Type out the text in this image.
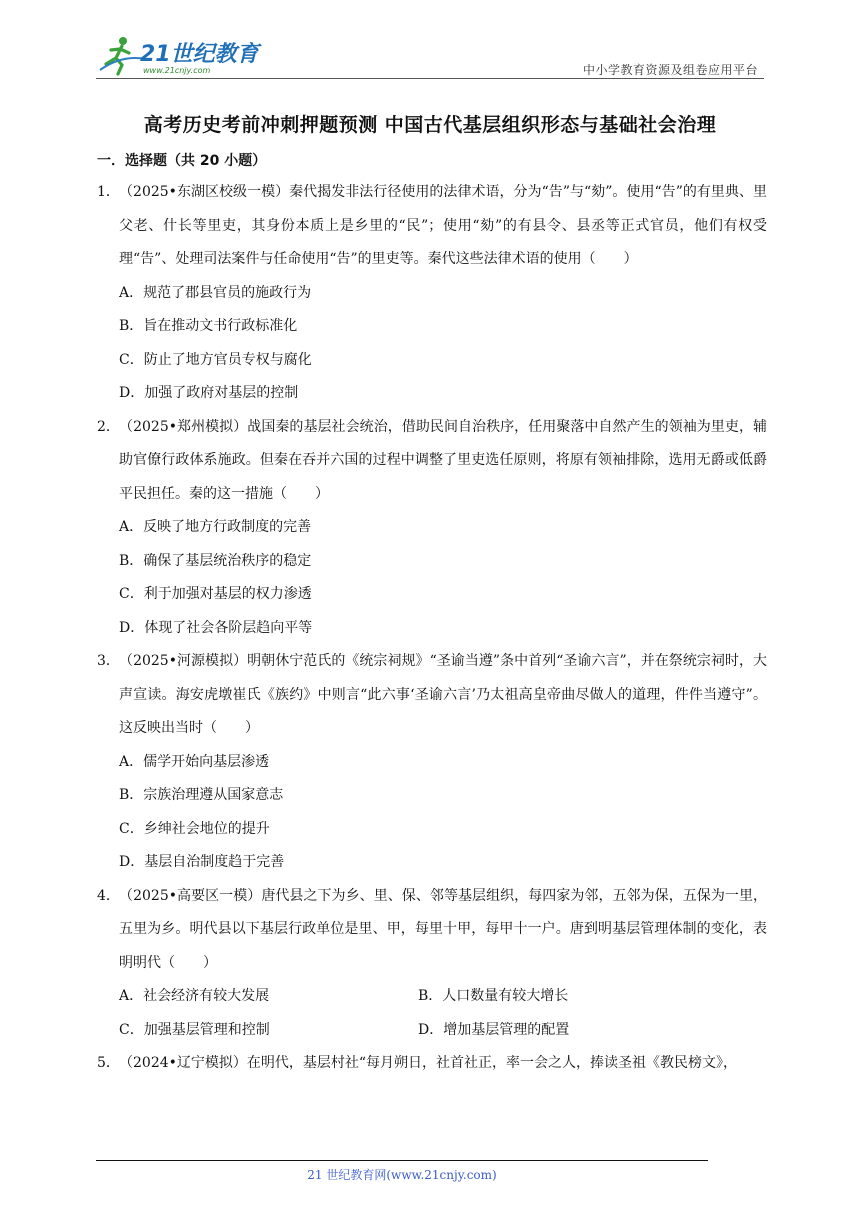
21世纪教育
www.21cnjy.com	中小学教育资源及组卷应用平台
高考历史考前冲刺押题预测 中国古代基层组织形态与基础社会治理
一．选择题（共 20 小题）
1．（2025•东湖区校级一模）秦代揭发非法行径使用的法律术语，分为“告”与“劾”。使用“告”的有里典、里父老、什长等里吏，其身份本质上是乡里的“民”；使用“劾”的有县令、县丞等正式官员，他们有权受理“告”、处理司法案件与任命使用“告”的里吏等。秦代这些法律术语的使用（　　）
A．规范了郡县官员的施政行为
B．旨在推动文书行政标准化
C．防止了地方官员专权与腐化
D．加强了政府对基层的控制
2．（2025•郑州模拟）战国秦的基层社会统治，借助民间自治秩序，任用聚落中自然产生的领袖为里吏，辅助官僚行政体系施政。但秦在吞并六国的过程中调整了里吏选任原则，将原有领袖排除，选用无爵或低爵平民担任。秦的这一措施（　　）
A．反映了地方行政制度的完善
B．确保了基层统治秩序的稳定
C．利于加强对基层的权力渗透
D．体现了社会各阶层趋向平等
3．（2025•河源模拟）明朝休宁范氏的《统宗祠规》“圣谕当遵”条中首列“圣谕六言”，并在祭统宗祠时，大声宣读。海安虎墩崔氏《族约》中则言“此六事‘圣谕六言’乃太祖高皇帝曲尽做人的道理，件件当遵守”。这反映出当时（　　）
A．儒学开始向基层渗透
B．宗族治理遵从国家意志
C．乡绅社会地位的提升
D．基层自治制度趋于完善
4．（2025•高要区一模）唐代县之下为乡、里、保、邻等基层组织，每四家为邻，五邻为保，五保为一里，五里为乡。明代县以下基层行政单位是里、甲，每里十甲，每甲十一户。唐到明基层管理体制的变化，表明明代（　　）
A．社会经济有较大发展	B．人口数量有较大增长
C．加强基层管理和控制	D．增加基层管理的配置
5．（2024•辽宁模拟）在明代，基层村社“每月朔日，社首社正，率一会之人，捧读圣祖《教民榜文》，
21 世纪教育网(www.21cnjy.com)
